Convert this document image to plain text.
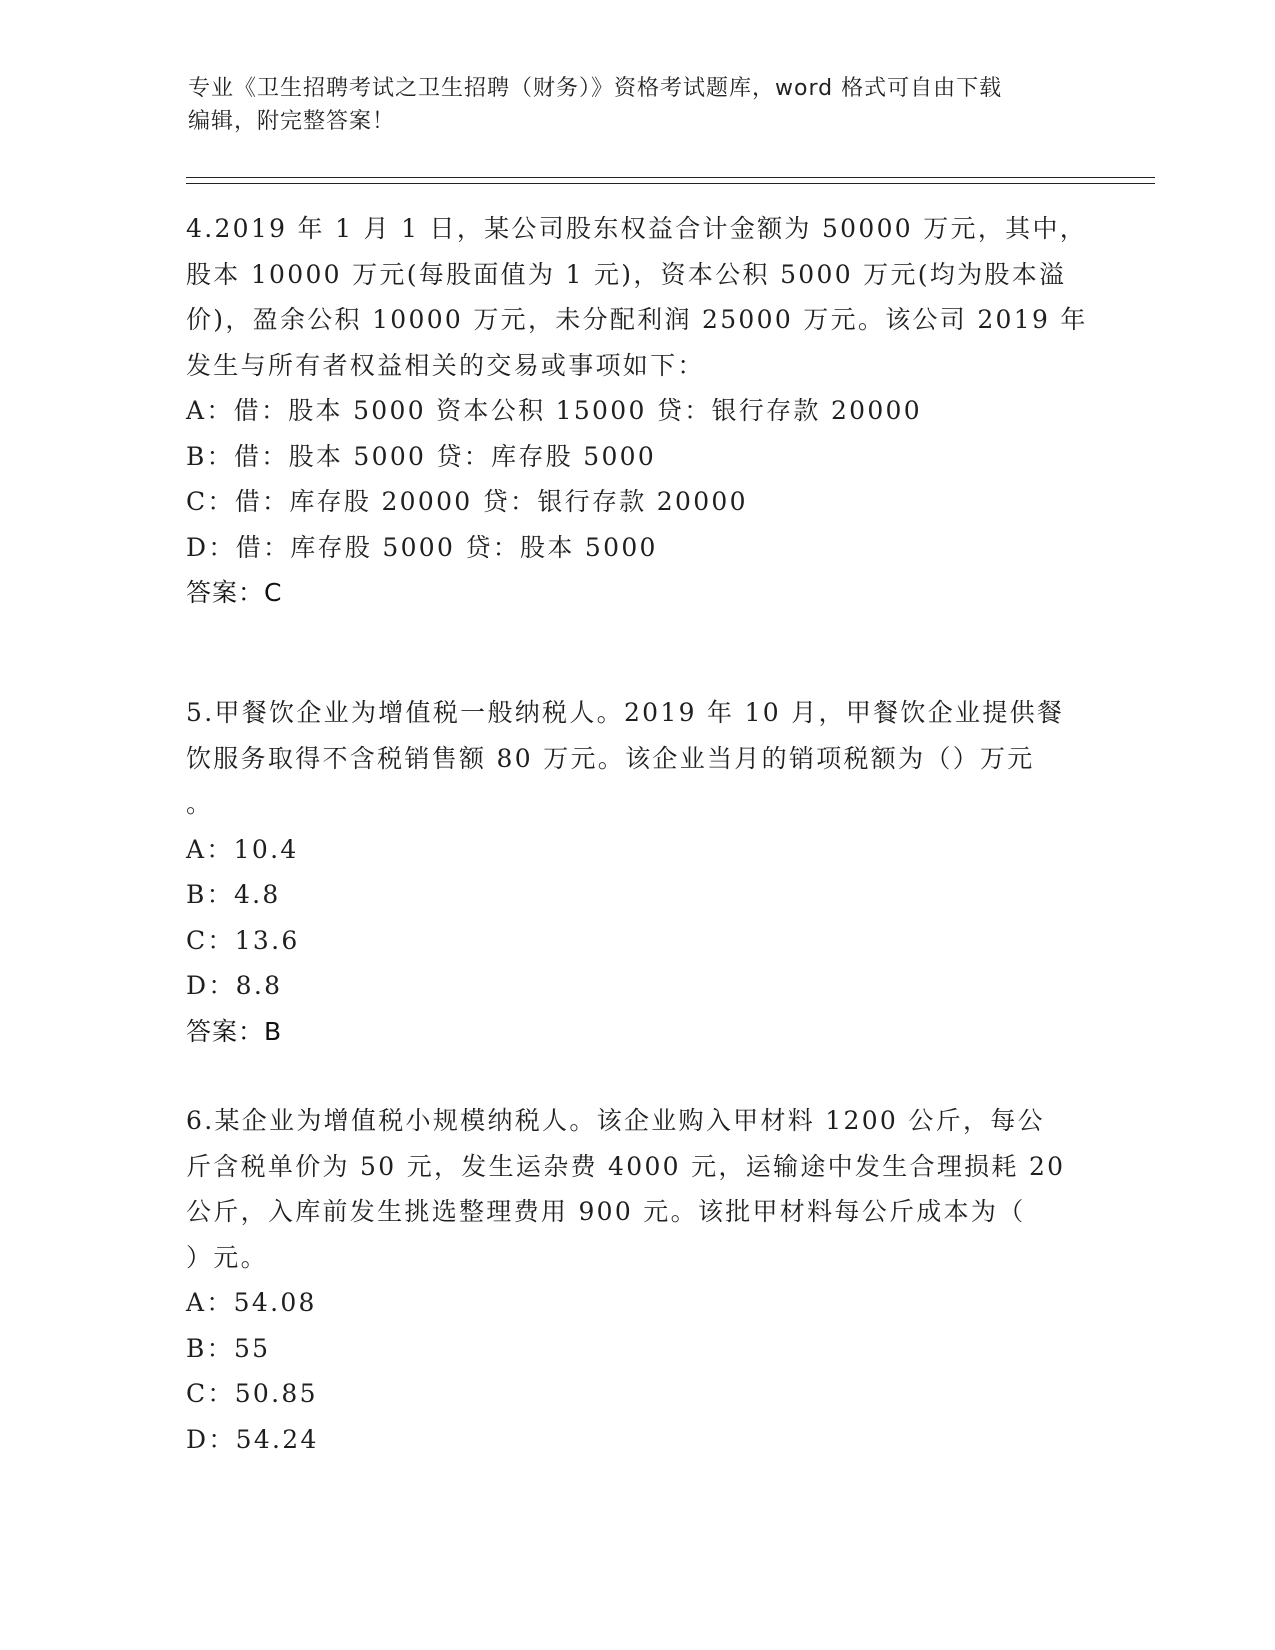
专业《卫生招聘考试之卫生招聘（财务）》资格考试题库，word 格式可自由下载
编辑，附完整答案！
4.2019 年 1 月 1 日，某公司股东权益合计金额为 50000 万元，其中，
股本 10000 万元(每股面值为 1 元)，资本公积 5000 万元(均为股本溢
价)，盈余公积 10000 万元，未分配利润 25000 万元。该公司 2019 年
发生与所有者权益相关的交易或事项如下：
A：借：股本 5000 资本公积 15000 贷：银行存款 20000
B：借：股本 5000 贷：库存股 5000
C：借：库存股 20000 贷：银行存款 20000
D：借：库存股 5000 贷：股本 5000
答案：C
5.甲餐饮企业为增值税一般纳税人。2019 年 10 月，甲餐饮企业提供餐
饮服务取得不含税销售额 80 万元。该企业当月的销项税额为（）万元
。
A：10.4
B：4.8
C：13.6
D：8.8
答案：B
6.某企业为增值税小规模纳税人。该企业购入甲材料 1200 公斤，每公
斤含税单价为 50 元，发生运杂费 4000 元，运输途中发生合理损耗 20
公斤，入库前发生挑选整理费用 900 元。该批甲材料每公斤成本为（
）元。
A：54.08
B：55
C：50.85
D：54.24
